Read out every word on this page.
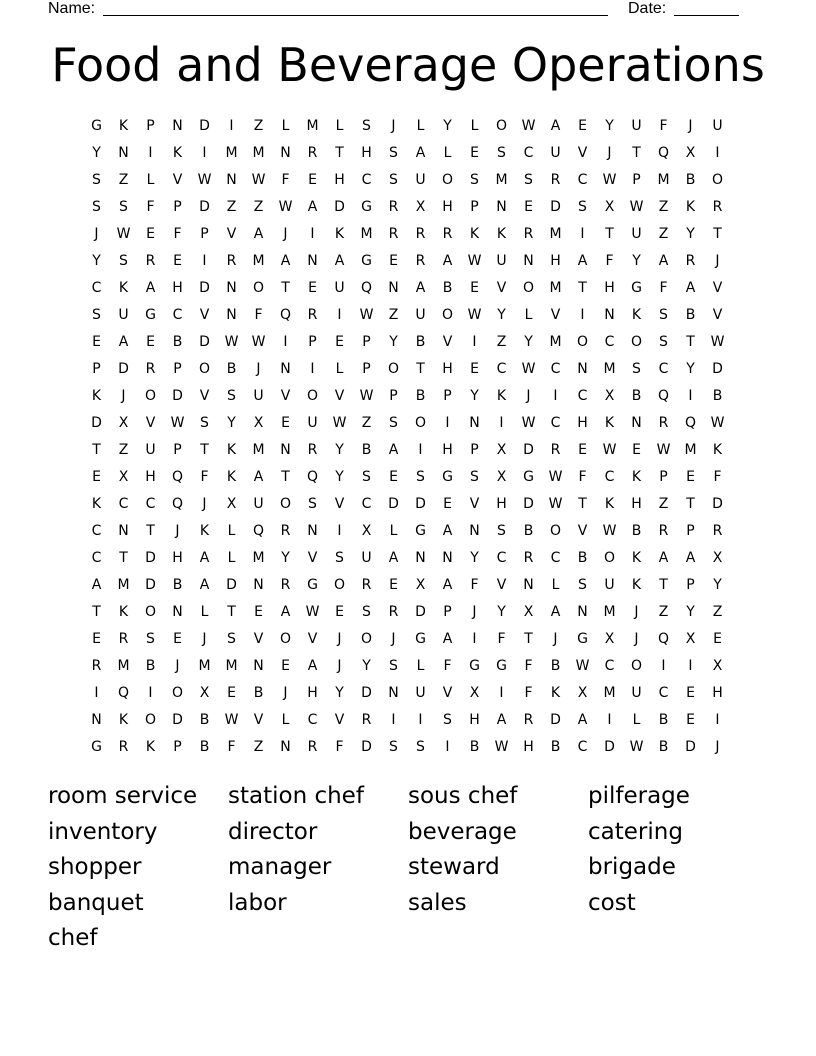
Name:	Date:
Food and Beverage Operations
G	K	P	N	D	I	Z	L	M	L	S	J	L	Y	L	O	W	A	E	Y	U	F	J	U
Y	N	I	K	I	M	M	N	R	T	H	S	A	L	E	S	C	U	V	J	T	Q	X	I
S	Z	L	V	W	N	W	F	E	H	C	S	U	O	S	M	S	R	C	W	P	M	B	O
S	S	F	P	D	Z	Z	W	A	D	G	R	X	H	P	N	E	D	S	X	W	Z	K	R
J	W	E	F	P	V	A	J	I	K	M	R	R	R	K	K	R	M	I	T	U	Z	Y	T
Y	S	R	E	I	R	M	A	N	A	G	E	R	A	W	U	N	H	A	F	Y	A	R	J
C	K	A	H	D	N	O	T	E	U	Q	N	A	B	E	V	O	M	T	H	G	F	A	V
S	U	G	C	V	N	F	Q	R	I	W	Z	U	O	W	Y	L	V	I	N	K	S	B	V
E	A	E	B	D	W W	I	P	E	P	Y	B	V	I	Z	Y	M	O	C	O	S	T	W
P	D	R	P	O	B	J	N	I	L	P	O	T	H	E	C	W	C	N	M	S	C	Y	D
K	J	O	D	V	S	U	V	O	V	W	P	B	P	Y	K	J	I	C	X	B	Q	I	B
D	X	V	W	S	Y	X	E	U	W	Z	S	O	I	N	I	W	C	H	K	N	R	Q	W
T	Z	U	P	T	K	M	N	R	Y	B	A	I	H	P	X	D	R	E	W	E	W	M	K
E	X	H	Q	F	K	A	T	Q	Y	S	E	S	G	S	X	G	W	F	C	K	P	E	F
K	C	C	Q	J	X	U	O	S	V	C	D	D	E	V	H	D	W	T	K	H	Z	T	D
C	N	T	J	K	L	Q	R	N	I	X	L	G	A	N	S	B	O	V	W	B	R	P	R
C	T	D	H	A	L	M	Y	V	S	U	A	N	N	Y	C	R	C	B	O	K	A	A	X
A	M	D	B	A	D	N	R	G	O	R	E	X	A	F	V	N	L	S	U	K	T	P	Y
T	K	O	N	L	T	E	A	W	E	S	R	D	P	J	Y	X	A	N	M	J	Z	Y	Z
E	R	S	E	J	S	V	O	V	J	O	J	G	A	I	F	T	J	G	X	J	Q	X	E
R	M	B	J	M	M	N	E	A	J	Y	S	L	F	G	G	F	B	W	C	O	I	I	X
I	Q	I	O	X	E	B	J	H	Y	D	N	U	V	X	I	F	K	X	M	U	C	E	H
N	K	O	D	B	W	V	L	C	V	R	I	I	S	H	A	R	D	A	I	L	B	E	I
G	R	K	P	B	F	Z	N	R	F	D	S	S	I	B	W	H	B	C	D	W	B	D	J
room service	station chef	sous chef	pilferage
inventory	director	beverage	catering
shopper	manager	steward	brigade
banquet	labor	sales	cost
chef
